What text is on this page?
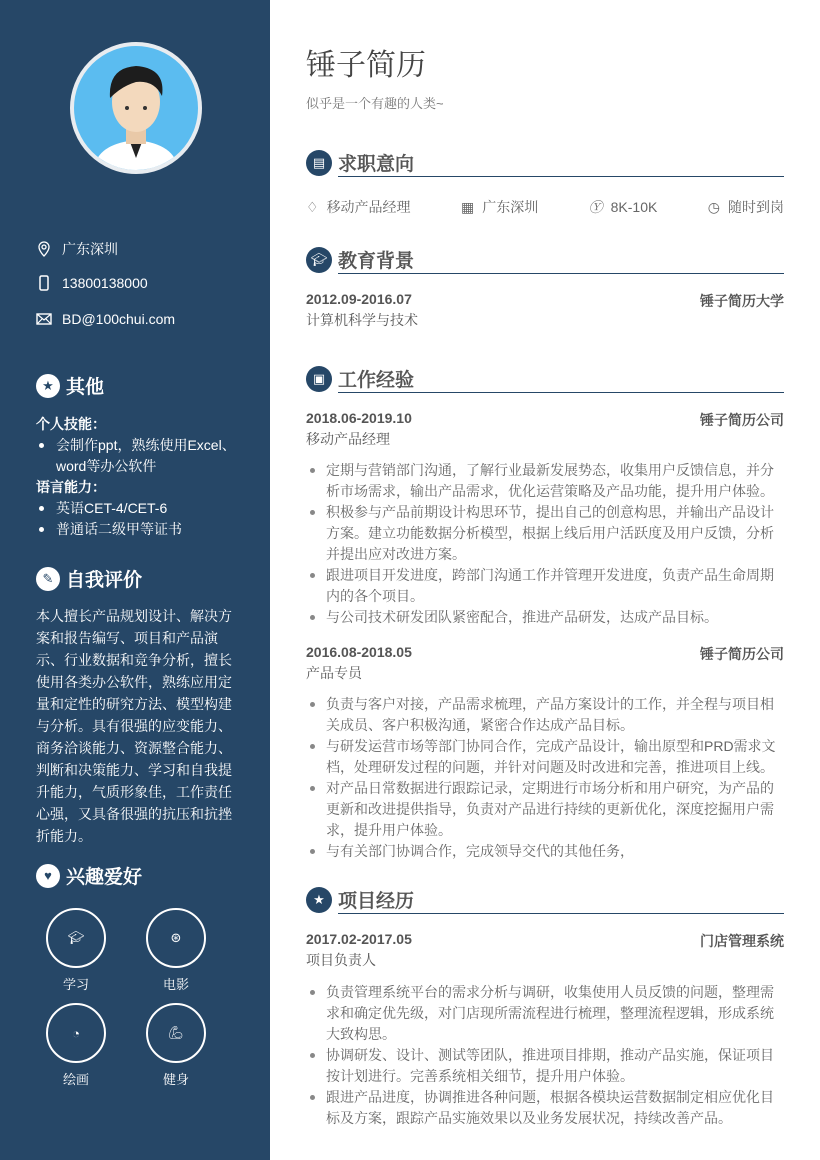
广东深圳
13800138000
BD@100chui.com
★ 其他
个人技能：
会制作ppt，熟练使用Excel、word等办公软件
语言能力：
英语CET-4/CET-6
普通话二级甲等证书
✎ 自我评价
本人擅长产品规划设计、解决方案和报告编写、项目和产品演示、行业数据和竞争分析，擅长使用各类办公软件，熟练应用定量和定性的研究方法、模型构建与分析。具有很强的应变能力、商务洽谈能力、资源整合能力、判断和决策能力、学习和自我提升能力，气质形象佳，工作责任心强，又具备很强的抗压和抗挫折能力。
♥ 兴趣爱好
🎓︎
学习
⊛
电影
◔
绘画
💪︎
健身
锤子简历
似乎是一个有趣的人类~
▤ 求职意向
♢ 移动产品经理	▦ 广东深圳	Ⓨ 8K-10K	◷ 随时到岗
🎓︎ 教育背景
2012.09-2016.07	锤子简历大学
计算机科学与技术
▣ 工作经验
2018.06-2019.10	锤子简历公司
移动产品经理
定期与营销部门沟通，了解行业最新发展势态，收集用户反馈信息，并分析市场需求，输出产品需求，优化运营策略及产品功能，提升用户体验。
积极参与产品前期设计构思环节，提出自己的创意构思，并输出产品设计方案。建立功能数据分析模型，根据上线后用户活跃度及用户反馈，分析并提出应对改进方案。
跟进项目开发进度，跨部门沟通工作并管理开发进度，负责产品生命周期内的各个项目。
与公司技术研发团队紧密配合，推进产品研发，达成产品目标。
2016.08-2018.05	锤子简历公司
产品专员
负责与客户对接，产品需求梳理，产品方案设计的工作，并全程与项目相关成员、客户积极沟通，紧密合作达成产品目标。
与研发运营市场等部门协同合作，完成产品设计，输出原型和PRD需求文档，处理研发过程的问题，并针对问题及时改进和完善，推进项目上线。
对产品日常数据进行跟踪记录，定期进行市场分析和用户研究，为产品的更新和改进提供指导，负责对产品进行持续的更新优化，深度挖掘用户需求，提升用户体验。
与有关部门协调合作，完成领导交代的其他任务，
★ 项目经历
2017.02-2017.05	门店管理系统
项目负责人
负责管理系统平台的需求分析与调研，收集使用人员反馈的问题，整理需求和确定优先级，对门店现所需流程进行梳理，整理流程逻辑，形成系统大致构思。
协调研发、设计、测试等团队，推进项目排期，推动产品实施，保证项目按计划进行。完善系统相关细节，提升用户体验。
跟进产品进度，协调推进各种问题，根据各模块运营数据制定相应优化目标及方案，跟踪产品实施效果以及业务发展状况，持续改善产品。
